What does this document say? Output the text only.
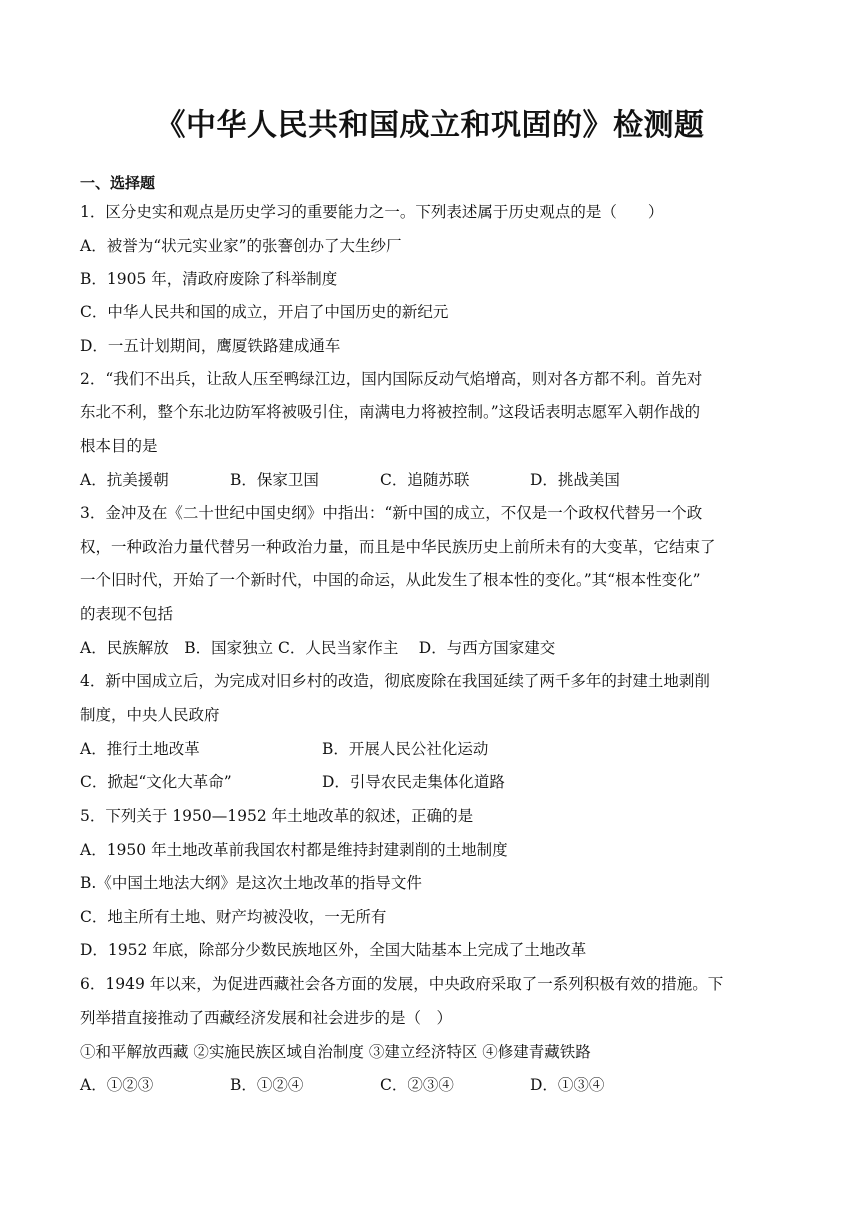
《中华人民共和国成立和巩固的》检测题
一、选择题
1．区分史实和观点是历史学习的重要能力之一。下列表述属于历史观点的是（　　）
A．被誉为“状元实业家”的张謇创办了大生纱厂
B．1905 年，清政府废除了科举制度
C．中华人民共和国的成立，开启了中国历史的新纪元
D．一五计划期间，鹰厦铁路建成通车
2．“我们不出兵，让敌人压至鸭绿江边，国内国际反动气焰增高，则对各方都不利。首先对
东北不利，整个东北边防军将被吸引住，南满电力将被控制。”这段话表明志愿军入朝作战的
根本目的是
A．抗美援朝	B．保家卫国	C．追随苏联	D．挑战美国
3．金冲及在《二十世纪中国史纲》中指出：“新中国的成立，不仅是一个政权代替另一个政
权，一种政治力量代替另一种政治力量，而且是中华民族历史上前所未有的大变革，它结束了
一个旧时代，开始了一个新时代，中国的命运，从此发生了根本性的变化。”其“根本性变化”
的表现不包括
A．民族解放　B．国家独立 C．人民当家作主　 D．与西方国家建交
4．新中国成立后，为完成对旧乡村的改造，彻底废除在我国延续了两千多年的封建土地剥削
制度，中央人民政府
A．推行土地改革	B．开展人民公社化运动
C．掀起“文化大革命”	D．引导农民走集体化道路
5．下列关于 1950—1952 年土地改革的叙述，正确的是
A．1950 年土地改革前我国农村都是维持封建剥削的土地制度
B.《中国土地法大纲》是这次土地改革的指导文件
C．地主所有土地、财产均被没收，一无所有
D．1952 年底，除部分少数民族地区外，全国大陆基本上完成了土地改革
6．1949 年以来，为促进西藏社会各方面的发展，中央政府采取了一系列积极有效的措施。下
列举措直接推动了西藏经济发展和社会进步的是（　）
①和平解放西藏 ②实施民族区域自治制度 ③建立经济特区 ④修建青藏铁路
A．①②③	B．①②④	C．②③④	D．①③④
